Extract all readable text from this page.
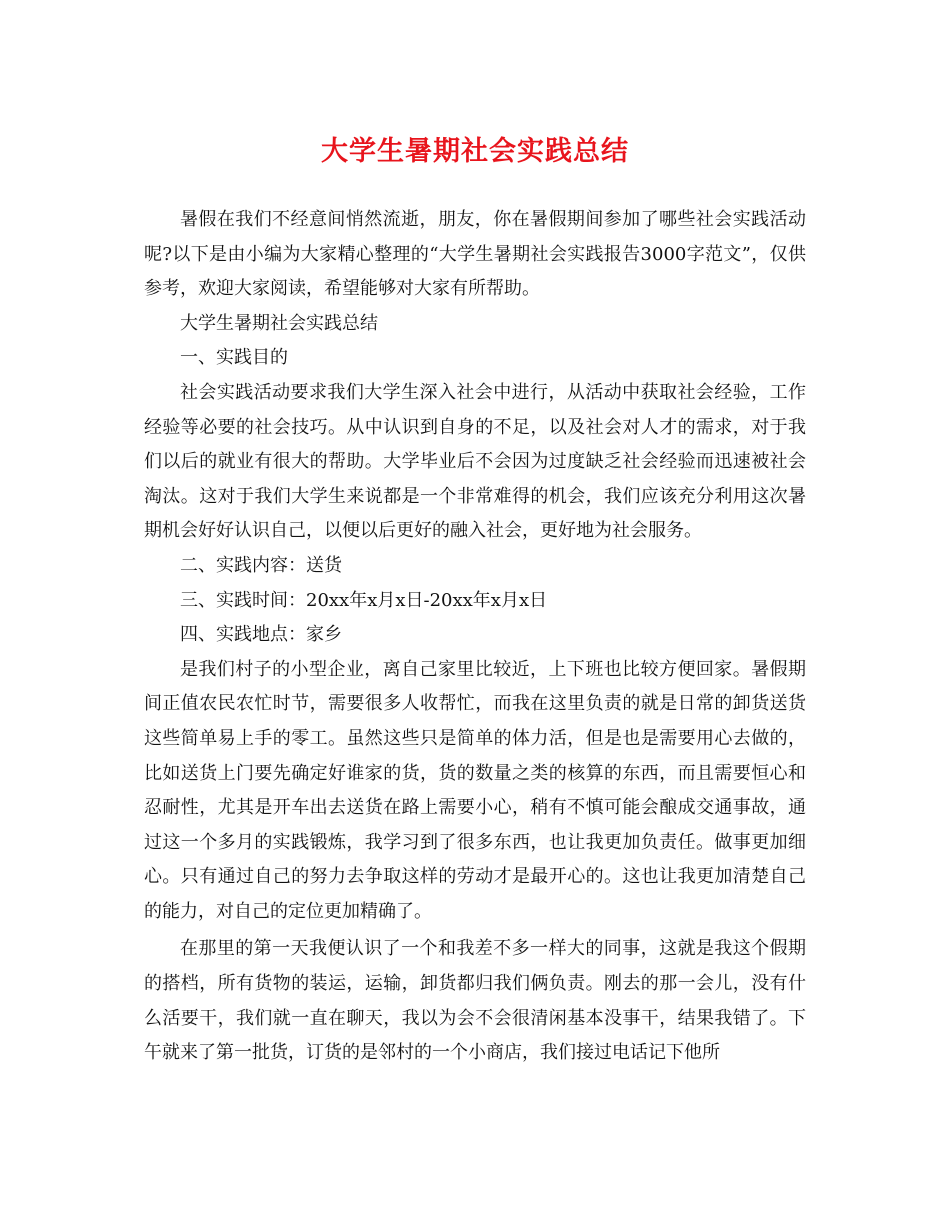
大学生暑期社会实践总结

暑假在我们不经意间悄然流逝，朋友，你在暑假期间参加了哪些社会实践活动呢?以下是由小编为大家精心整理的“大学生暑期社会实践报告3000字范文”，仅供参考，欢迎大家阅读，希望能够对大家有所帮助。

大学生暑期社会实践总结

一、实践目的

社会实践活动要求我们大学生深入社会中进行，从活动中获取社会经验，工作经验等必要的社会技巧。从中认识到自身的不足，以及社会对人才的需求，对于我们以后的就业有很大的帮助。大学毕业后不会因为过度缺乏社会经验而迅速被社会淘汰。这对于我们大学生来说都是一个非常难得的机会，我们应该充分利用这次暑期机会好好认识自己，以便以后更好的融入社会，更好地为社会服务。

二、实践内容：送货

三、实践时间：20xx年x月x日-20xx年x月x日

四、实践地点：家乡

是我们村子的小型企业，离自己家里比较近，上下班也比较方便回家。暑假期间正值农民农忙时节，需要很多人收帮忙，而我在这里负责的就是日常的卸货送货这些简单易上手的零工。虽然这些只是简单的体力活，但是也是需要用心去做的，比如送货上门要先确定好谁家的货，货的数量之类的核算的东西，而且需要恒心和忍耐性，尤其是开车出去送货在路上需要小心，稍有不慎可能会酿成交通事故，通过这一个多月的实践锻炼，我学习到了很多东西，也让我更加负责任。做事更加细心。只有通过自己的努力去争取这样的劳动才是最开心的。这也让我更加清楚自己的能力，对自己的定位更加精确了。

在那里的第一天我便认识了一个和我差不多一样大的同事，这就是我这个假期的搭档，所有货物的装运，运输，卸货都归我们俩负责。刚去的那一会儿，没有什么活要干，我们就一直在聊天，我以为会不会很清闲基本没事干，结果我错了。下午就来了第一批货，订货的是邻村的一个小商店，我们接过电话记下他所
